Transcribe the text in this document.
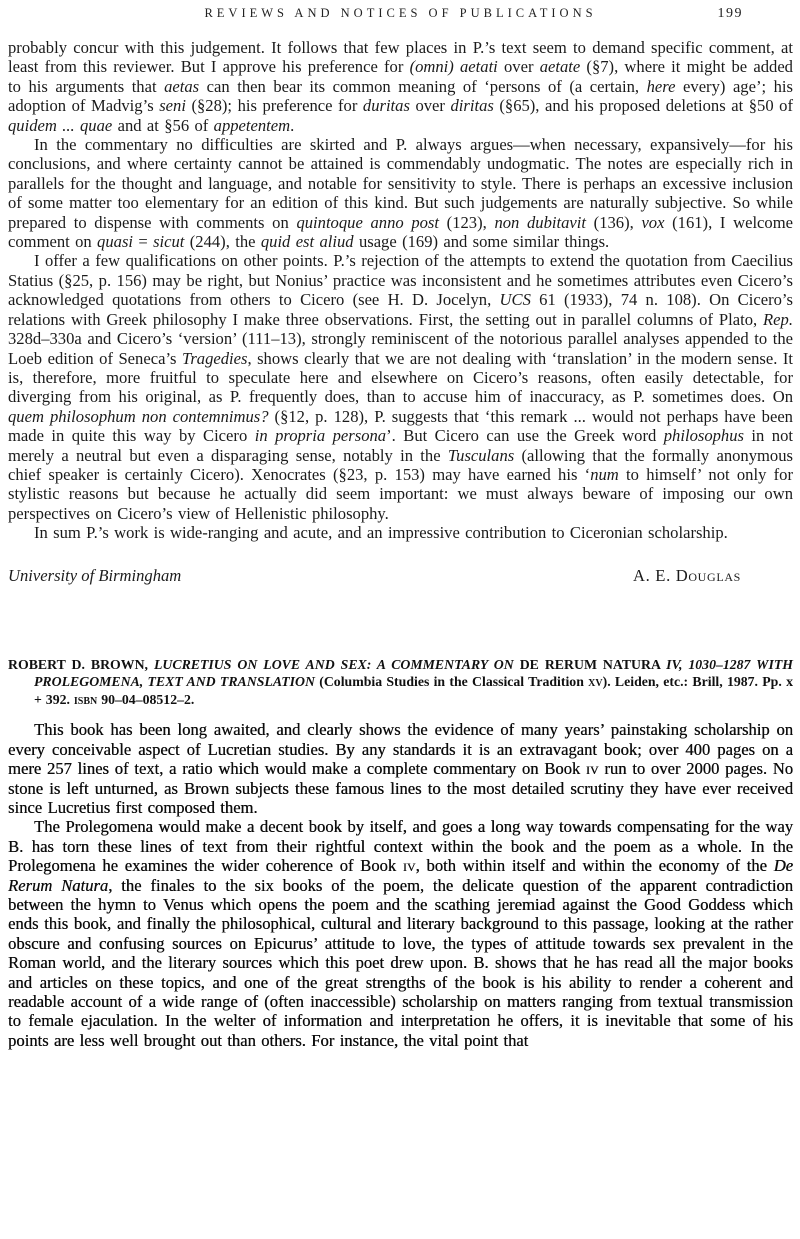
REVIEWS AND NOTICES OF PUBLICATIONS	199

probably concur with this judgement. It follows that few places in P.’s text seem to demand specific comment, at least from this reviewer. But I approve his preference for (omni) aetati over aetate (§7), where it might be added to his arguments that aetas can then bear its common meaning of ‘persons of (a certain, here every) age’; his adoption of Madvig’s seni (§28); his preference for duritas over diritas (§65), and his proposed deletions at §50 of quidem ... quae and at §56 of appetentem.

In the commentary no difficulties are skirted and P. always argues—when necessary, expansively—for his conclusions, and where certainty cannot be attained is commendably undogmatic. The notes are especially rich in parallels for the thought and language, and notable for sensitivity to style. There is perhaps an excessive inclusion of some matter too elementary for an edition of this kind. But such judgements are naturally subjective. So while prepared to dispense with comments on quintoque anno post (123), non dubitavit (136), vox (161), I welcome comment on quasi = sicut (244), the quid est aliud usage (169) and some similar things.

I offer a few qualifications on other points. P.’s rejection of the attempts to extend the quotation from Caecilius Statius (§25, p. 156) may be right, but Nonius’ practice was inconsistent and he sometimes attributes even Cicero’s acknowledged quotations from others to Cicero (see H. D. Jocelyn, UCS 61 (1933), 74 n. 108). On Cicero’s relations with Greek philosophy I make three observations. First, the setting out in parallel columns of Plato, Rep. 328d–330a and Cicero’s ‘version’ (111–13), strongly reminiscent of the notorious parallel analyses appended to the Loeb edition of Seneca’s Tragedies, shows clearly that we are not dealing with ‘translation’ in the modern sense. It is, therefore, more fruitful to speculate here and elsewhere on Cicero’s reasons, often easily detectable, for diverging from his original, as P. frequently does, than to accuse him of inaccuracy, as P. sometimes does. On quem philosophum non contemnimus? (§12, p. 128), P. suggests that ‘this remark ... would not perhaps have been made in quite this way by Cicero in propria persona’. But Cicero can use the Greek word philosophus in not merely a neutral but even a disparaging sense, notably in the Tusculans (allowing that the formally anonymous chief speaker is certainly Cicero). Xenocrates (§23, p. 153) may have earned his ‘num to himself’ not only for stylistic reasons but because he actually did seem important: we must always beware of imposing our own perspectives on Cicero’s view of Hellenistic philosophy.

In sum P.’s work is wide-ranging and acute, and an impressive contribution to Ciceronian scholarship.

University of Birmingham	A. E. Douglas

ROBERT D. BROWN, LUCRETIUS ON LOVE AND SEX: A COMMENTARY ON DE RERUM NATURA IV, 1030–1287 WITH PROLEGOMENA, TEXT AND TRANSLATION (Columbia Studies in the Classical Tradition xv). Leiden, etc.: Brill, 1987. Pp. x + 392. isbn 90–04–08512–2.

This book has been long awaited, and clearly shows the evidence of many years’ painstaking scholarship on every conceivable aspect of Lucretian studies. By any standards it is an extravagant book; over 400 pages on a mere 257 lines of text, a ratio which would make a complete commentary on Book iv run to over 2000 pages. No stone is left unturned, as Brown subjects these famous lines to the most detailed scrutiny they have ever received since Lucretius first composed them.

The Prolegomena would make a decent book by itself, and goes a long way towards compensating for the way B. has torn these lines of text from their rightful context within the book and the poem as a whole. In the Prolegomena he examines the wider coherence of Book iv, both within itself and within the economy of the De Rerum Natura, the finales to the six books of the poem, the delicate question of the apparent contradiction between the hymn to Venus which opens the poem and the scathing jeremiad against the Good Goddess which ends this book, and finally the philosophical, cultural and literary background to this passage, looking at the rather obscure and confusing sources on Epicurus’ attitude to love, the types of attitude towards sex prevalent in the Roman world, and the literary sources which this poet drew upon. B. shows that he has read all the major books and articles on these topics, and one of the great strengths of the book is his ability to render a coherent and readable account of a wide range of (often inaccessible) scholarship on matters ranging from textual transmission to female ejaculation. In the welter of information and interpretation he offers, it is inevitable that some of his points are less well brought out than others. For instance, the vital point that
